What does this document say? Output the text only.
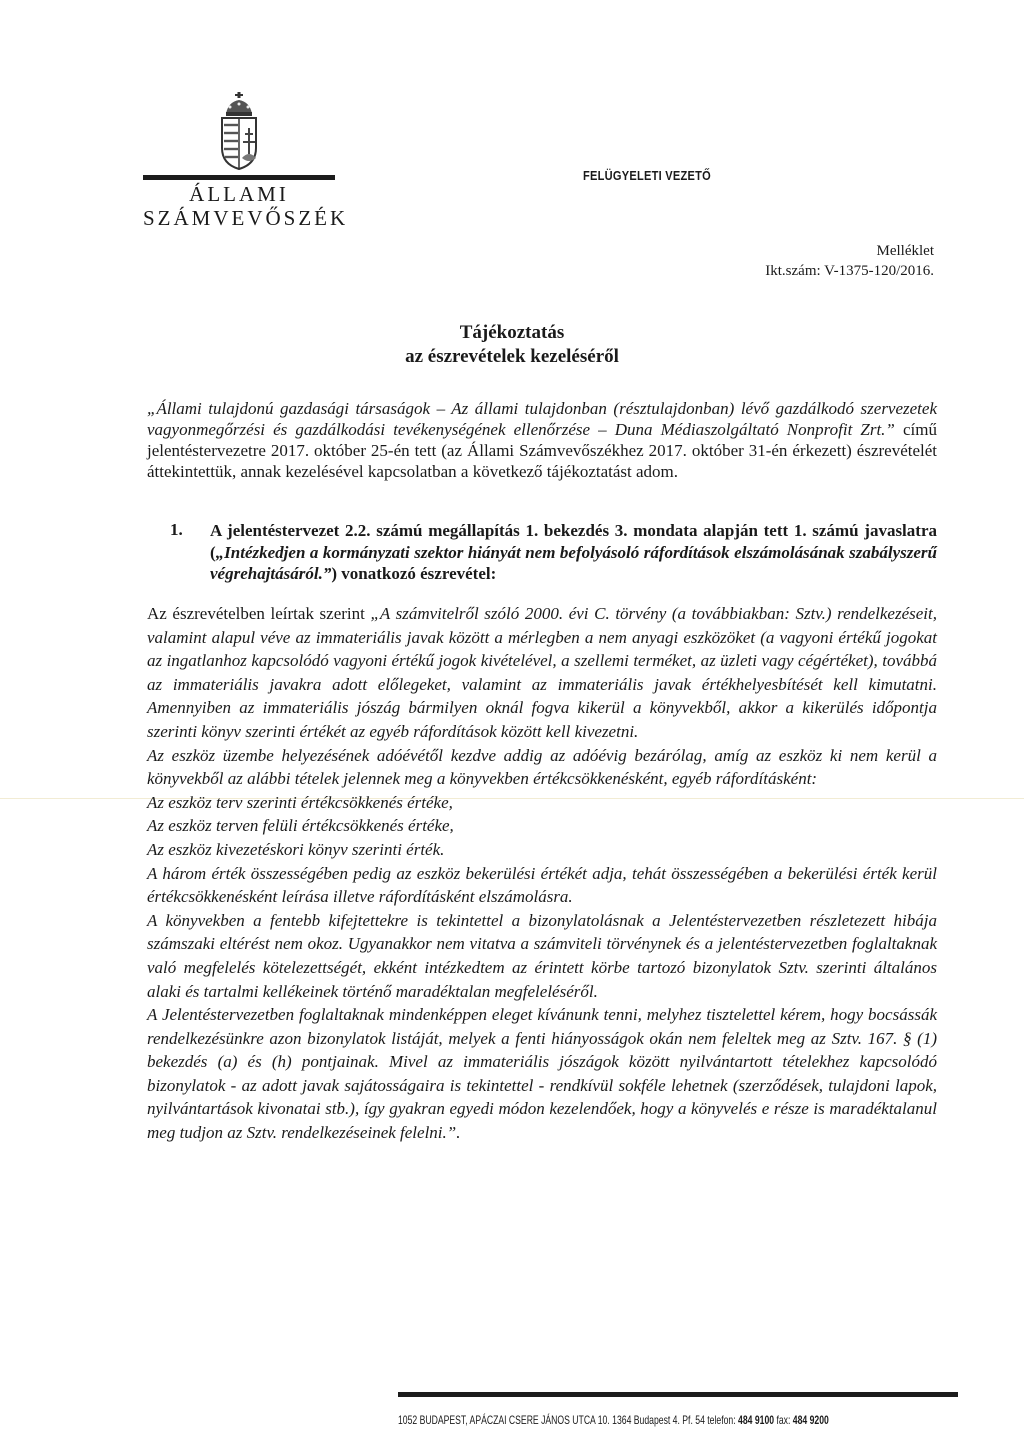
ÁLLAMI
SZÁMVEVŐSZÉK
FELÜGYELETI VEZETŐ
Melléklet
Ikt.szám: V-1375-120/2016.
Tájékoztatás
az észrevételek kezeléséről
„Állami tulajdonú gazdasági társaságok – Az állami tulajdonban (résztulajdonban) lévő gazdálkodó szervezetek vagyonmegőrzési és gazdálkodási tevékenységének ellenőrzése – Duna Médiaszolgáltató Nonprofit Zrt.” című jelentéstervezetre 2017. október 25-én tett (az Állami Számvevőszékhez 2017. október 31-én érkezett) észrevételét áttekintettük, annak kezelésével kapcsolatban a következő tájékoztatást adom.
1. A jelentéstervezet 2.2. számú megállapítás 1. bekezdés 3. mondata alapján tett 1. számú javaslatra („Intézkedjen a kormányzati szektor hiányát nem befolyásoló ráfordítások elszámolásának szabályszerű végrehajtásáról.”) vonatkozó észrevétel:
Az észrevételben leírtak szerint „A számvitelről szóló 2000. évi C. törvény (a továbbiakban: Sztv.) rendelkezéseit, valamint alapul véve az immateriális javak között a mérlegben a nem anyagi eszközöket (a vagyoni értékű jogokat az ingatlanhoz kapcsolódó vagyoni értékű jogok kivételével, a szellemi terméket, az üzleti vagy cégértéket), továbbá az immateriális javakra adott előlegeket, valamint az immateriális javak értékhelyesbítését kell kimutatni. Amennyiben az immateriális jószág bármilyen oknál fogva kikerül a könyvekből, akkor a kikerülés időpontja szerinti könyv szerinti értékét az egyéb ráfordítások között kell kivezetni.
Az eszköz üzembe helyezésének adóévétől kezdve addig az adóévig bezárólag, amíg az eszköz ki nem kerül a könyvekből az alábbi tételek jelennek meg a könyvekben értékcsökkenésként, egyéb ráfordításként:
Az eszköz terv szerinti értékcsökkenés értéke,
Az eszköz terven felüli értékcsökkenés értéke,
Az eszköz kivezetéskori könyv szerinti érték.
A három érték összességében pedig az eszköz bekerülési értékét adja, tehát összességében a bekerülési érték kerül értékcsökkenésként leírása illetve ráfordításként elszámolásra.
A könyvekben a fentebb kifejtettekre is tekintettel a bizonylatolásnak a Jelentéstervezetben részletezett hibája számszaki eltérést nem okoz. Ugyanakkor nem vitatva a számviteli törvénynek és a jelentéstervezetben foglaltaknak való megfelelés kötelezettségét, ekként intézkedtem az érintett körbe tartozó bizonylatok Sztv. szerinti általános alaki és tartalmi kellékeinek történő maradéktalan megfeleléséről.
A Jelentéstervezetben foglaltaknak mindenképpen eleget kívánunk tenni, melyhez tisztelettel kérem, hogy bocsássák rendelkezésünkre azon bizonylatok listáját, melyek a fenti hiányosságok okán nem feleltek meg az Sztv. 167. § (1) bekezdés (a) és (h) pontjainak. Mivel az immateriális jószágok között nyilvántartott tételekhez kapcsolódó bizonylatok - az adott javak sajátosságaira is tekintettel - rendkívül sokféle lehetnek (szerződések, tulajdoni lapok, nyilvántartások kivonatai stb.), így gyakran egyedi módon kezelendőek, hogy a könyvelés e része is maradéktalanul meg tudjon az Sztv. rendelkezéseinek felelni.”.
1052 BUDAPEST, APÁCZAI CSERE JÁNOS UTCA 10. 1364 Budapest 4. Pf. 54 telefon: 484 9100 fax: 484 9200
